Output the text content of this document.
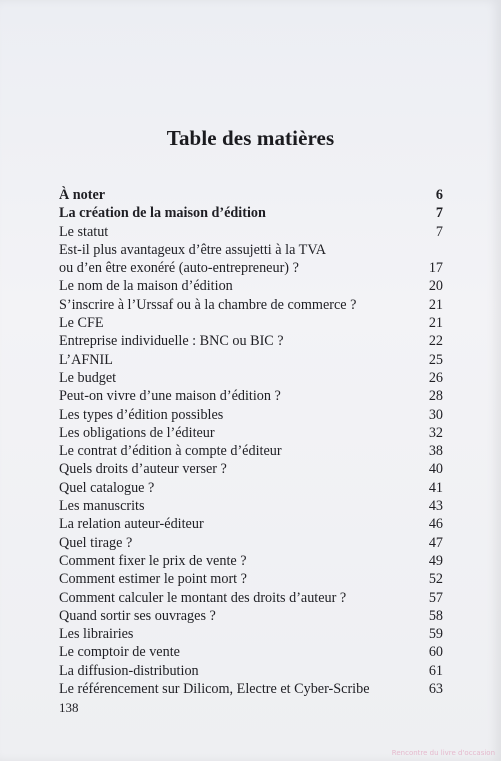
Table des matières
À noter	6
La création de la maison d’édition	7
Le statut	7
Est-il plus avantageux d’être assujetti à la TVA
ou d’en être exonéré (auto-entrepreneur) ?	17
Le nom de la maison d’édition	20
S’inscrire à l’Urssaf ou à la chambre de commerce ?	21
Le CFE	21
Entreprise individuelle : BNC ou BIC ?	22
L’AFNIL	25
Le budget	26
Peut-on vivre d’une maison d’édition ?	28
Les types d’édition possibles	30
Les obligations de l’éditeur	32
Le contrat d’édition à compte d’éditeur	38
Quels droits d’auteur verser ?	40
Quel catalogue ?	41
Les manuscrits	43
La relation auteur-éditeur	46
Quel tirage ?	47
Comment fixer le prix de vente ?	49
Comment estimer le point mort ?	52
Comment calculer le montant des droits d’auteur ?	57
Quand sortir ses ouvrages ?	58
Les librairies	59
Le comptoir de vente	60
La diffusion-distribution	61
Le référencement sur Dilicom, Electre et Cyber-Scribe	63
138
Rencontre du livre d'occasion
